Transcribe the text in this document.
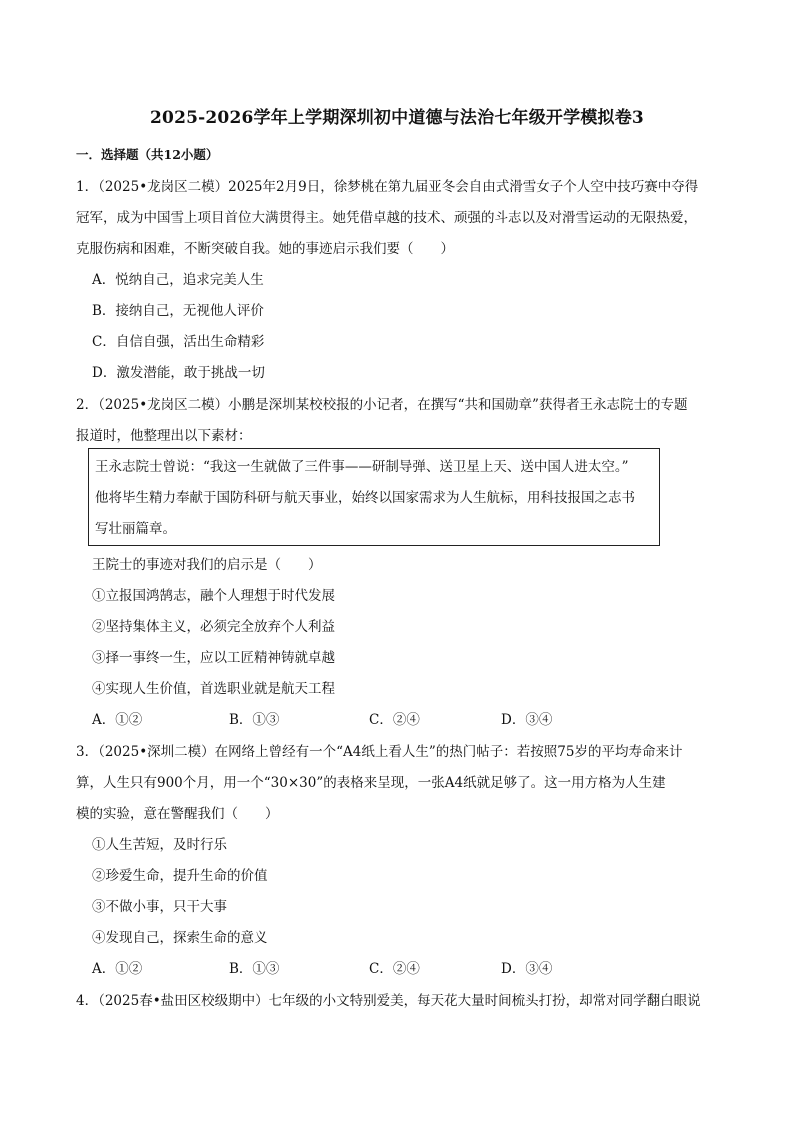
2025-2026学年上学期深圳初中道德与法治七年级开学模拟卷3
一．选择题（共12小题）
1．（2025•龙岗区二模）2025年2月9日，徐梦桃在第九届亚冬会自由式滑雪女子个人空中技巧赛中夺得
冠军，成为中国雪上项目首位大满贯得主。她凭借卓越的技术、顽强的斗志以及对滑雪运动的无限热爱，
克服伤病和困难，不断突破自我。她的事迹启示我们要（　　）
A．悦纳自己，追求完美人生
B．接纳自己，无视他人评价
C．自信自强，活出生命精彩
D．激发潜能，敢于挑战一切
2．（2025•龙岗区二模）小鹏是深圳某校校报的小记者，在撰写“共和国勋章”获得者王永志院士的专题
报道时，他整理出以下素材：
王永志院士曾说：“我这一生就做了三件事——研制导弹、送卫星上天、送中国人进太空。”
他将毕生精力奉献于国防科研与航天事业，始终以国家需求为人生航标，用科技报国之志书
写壮丽篇章。
王院士的事迹对我们的启示是（　　）
①立报国鸿鹄志，融个人理想于时代发展
②坚持集体主义，必须完全放弃个人利益
③择一事终一生，应以工匠精神铸就卓越
④实现人生价值，首选职业就是航天工程
A．①②	B．①③	C．②④	D．③④
3．（2025•深圳二模）在网络上曾经有一个“A4纸上看人生”的热门帖子：若按照75岁的平均寿命来计
算，人生只有900个月，用一个“30×30”的表格来呈现，一张A4纸就足够了。这一用方格为人生建
模的实验，意在警醒我们（　　）
①人生苦短，及时行乐
②珍爱生命，提升生命的价值
③不做小事，只干大事
④发现自己，探索生命的意义
A．①②	B．①③	C．②④	D．③④
4．（2025春•盐田区校级期中）七年级的小文特别爱美，每天花大量时间梳头打扮，却常对同学翻白眼说
